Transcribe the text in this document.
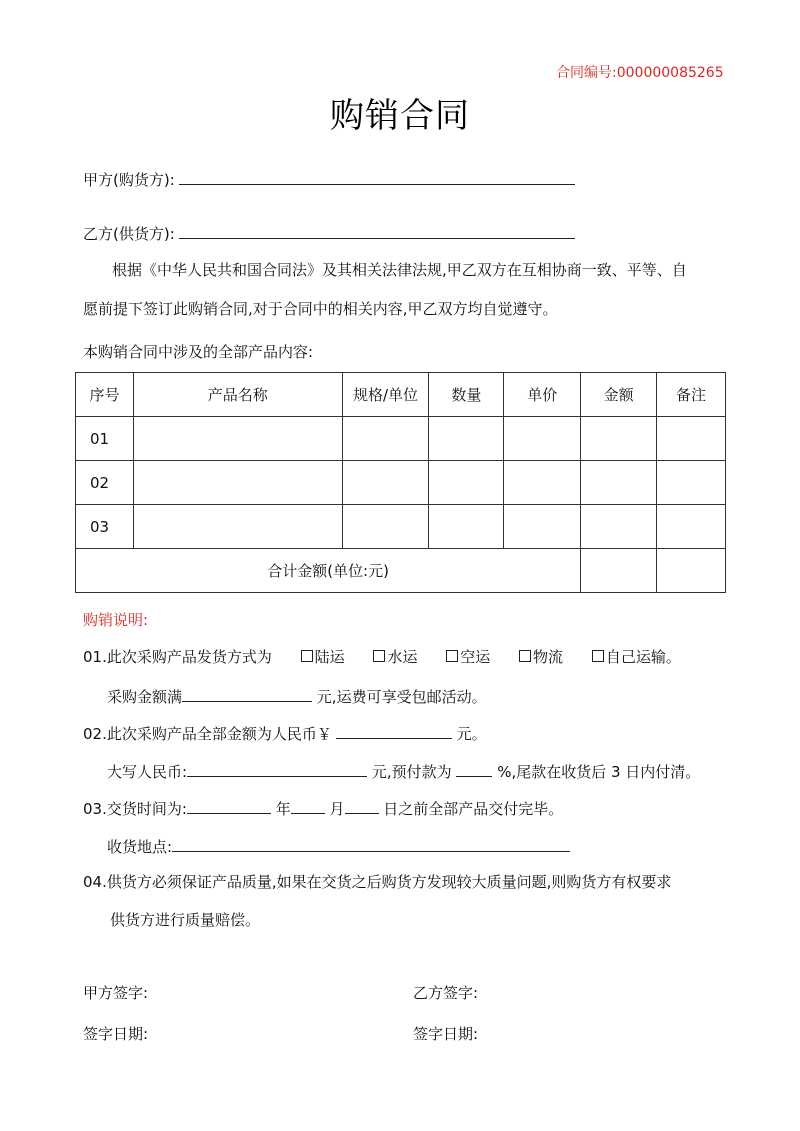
合同编号:000000085265
购销合同
甲方(购货方):
乙方(供货方):
根据《中华人民共和国合同法》及其相关法律法规,甲乙双方在互相协商一致、平等、自
愿前提下签订此购销合同,对于合同中的相关内容,甲乙双方均自觉遵守。
本购销合同中涉及的全部产品内容:
序号	产品名称	规格/单位	数量	单价	金额	备注
01						
02						
03						
合计金额(单位:元)						
购销说明:
01.此次采购产品发货方式为	陆运	水运	空运	物流	自己运输。
采购金额满	元,运费可享受包邮活动。
02.此次采购产品全部金额为人民币￥	元。
大写人民币:	元,预付款为	%,尾款在收货后 3 日内付清。
03.交货时间为:	年	月	日之前全部产品交付完毕。
收货地点:
04.供货方必须保证产品质量,如果在交货之后购货方发现较大质量问题,则购货方有权要求
供货方进行质量赔偿。
甲方签字:	乙方签字:
签字日期:	签字日期:
